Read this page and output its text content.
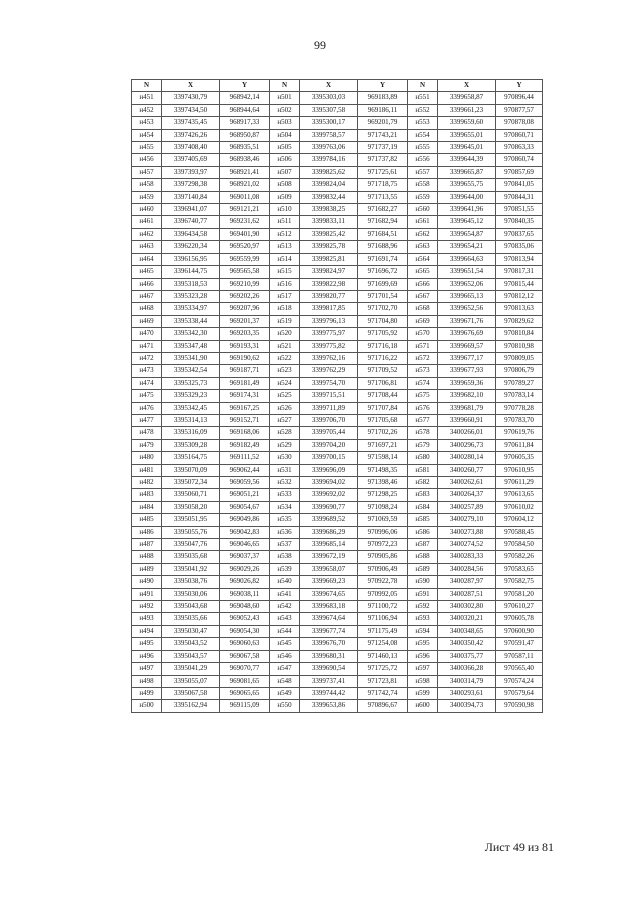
99
N	X	Y	N	X	Y	N	X	Y
н451	3397430,79	968942,14	н501	3395303,03	969183,89	н551	3399658,87	970896,44
н452	3397434,50	968944,64	н502	3395307,58	969186,11	н552	3399661,23	970877,57
н453	3397435,45	968917,33	н503	3395300,17	969201,79	н553	3399659,60	970878,08
н454	3397426,26	968950,87	н504	3399758,57	971743,21	н554	3399655,01	970860,71
н455	3397408,40	968935,51	н505	3399763,06	971737,19	н555	3399645,01	970863,33
н456	3397405,69	968938,46	н506	3399784,16	971737,82	н556	3399644,39	970860,74
н457	3397393,97	968921,41	н507	3399825,62	971725,61	н557	3399665,87	970857,69
н458	3397298,38	968921,02	н508	3399824,04	971718,75	н558	3399655,75	970841,05
н459	3397140,84	969011,08	н509	3399832,44	971713,55	н559	3399644,00	970844,31
н460	3396941,07	969121,21	н510	3399838,25	971682,27	н560	3399641,96	970851,55
н461	3396740,77	969231,62	н511	3399833,11	971682,94	н561	3399645,12	970840,35
н462	3396434,58	969401,90	н512	3399825,42	971684,51	н562	3399654,87	970837,65
н463	3396220,34	969520,97	н513	3399825,78	971688,96	н563	3399654,21	970835,06
н464	3396156,95	969559,99	н514	3399825,81	971691,74	н564	3399664,63	970813,94
н465	3396144,75	969565,58	н515	3399824,97	971696,72	н565	3399651,54	970817,31
н466	3395318,53	969210,99	н516	3399822,98	971699,69	н566	3399652,06	970815,44
н467	3395323,28	969202,26	н517	3399820,77	971701,54	н567	3399665,13	970812,12
н468	3395334,97	969207,96	н518	3399817,85	971702,70	н568	3399652,56	970813,63
н469	3395338,44	969201,37	н519	3399796,13	971704,80	н569	3399671,76	970829,62
н470	3395342,30	969203,35	н520	3399775,97	971705,92	н570	3399676,69	970810,84
н471	3395347,48	969193,31	н521	3399775,82	971716,18	н571	3399669,57	970810,98
н472	3395341,90	969190,62	н522	3399762,16	971716,22	н572	3399677,17	970809,05
н473	3395342,54	969187,71	н523	3399762,29	971709,52	н573	3399677,93	970806,79
н474	3395325,73	969181,49	н524	3399754,70	971706,81	н574	3399659,36	970789,27
н475	3395329,23	969174,31	н525	3399715,51	971708,44	н575	3399682,10	970783,14
н476	3395342,45	969167,25	н526	3399711,89	971707,84	н576	3399681,79	970778,28
н477	3395314,13	969152,71	н527	3399706,70	971705,68	н577	3399660,91	970783,70
н478	3395316,09	969168,06	н528	3399705,44	971702,26	н578	3400266,01	970619,76
н479	3395309,28	969182,49	н529	3399704,20	971697,21	н579	3400296,73	970611,84
н480	3395164,75	969111,52	н530	3399700,15	971598,14	н580	3400280,14	970605,35
н481	3395070,09	969062,44	н531	3399696,09	971498,35	н581	3400260,77	970610,95
н482	3395072,34	969059,56	н532	3399694,02	971398,46	н582	3400262,61	970611,29
н483	3395060,71	969051,21	н533	3399692,02	971298,25	н583	3400264,37	970613,65
н484	3395058,20	969054,67	н534	3399690,77	971098,24	н584	3400257,89	970610,02
н485	3395051,95	969049,86	н535	3399689,52	971069,59	н585	3400279,10	970604,12
н486	3395055,76	969042,83	н536	3399686,29	970996,06	н586	3400273,88	970588,45
н487	3395047,76	969046,65	н537	3399685,14	970972,23	н587	3400274,52	970584,50
н488	3395035,68	969037,37	н538	3399672,19	970905,86	н588	3400283,33	970582,26
н489	3395041,92	969029,26	н539	3399658,07	970906,49	н589	3400284,56	970583,65
н490	3395038,76	969026,82	н540	3399669,23	970922,78	н590	3400287,97	970582,75
н491	3395030,06	969038,11	н541	3399674,65	970992,05	н591	3400287,51	970581,20
н492	3395043,68	969048,60	н542	3399683,18	971100,72	н592	3400302,80	970610,27
н493	3395035,66	969052,43	н543	3399674,64	971106,94	н593	3400320,21	970605,78
н494	3395030,47	969054,30	н544	3399677,74	971175,49	н594	3400348,65	970600,90
н495	3395043,52	969060,63	н545	3399676,70	971254,08	н595	3400350,42	970591,47
н496	3395043,57	969067,58	н546	3399680,31	971460,13	н596	3400375,77	970587,11
н497	3395041,29	969070,77	н547	3399690,54	971725,72	н597	3400366,28	970565,40
н498	3395055,07	969081,65	н548	3399737,41	971723,81	н598	3400314,79	970574,24
н499	3395067,58	969065,65	н549	3399744,42	971742,74	н599	3400293,61	970579,64
н500	3395162,94	969115,09	н550	3399653,86	970896,67	н600	3400394,73	970590,98
Лист 49 из 81
